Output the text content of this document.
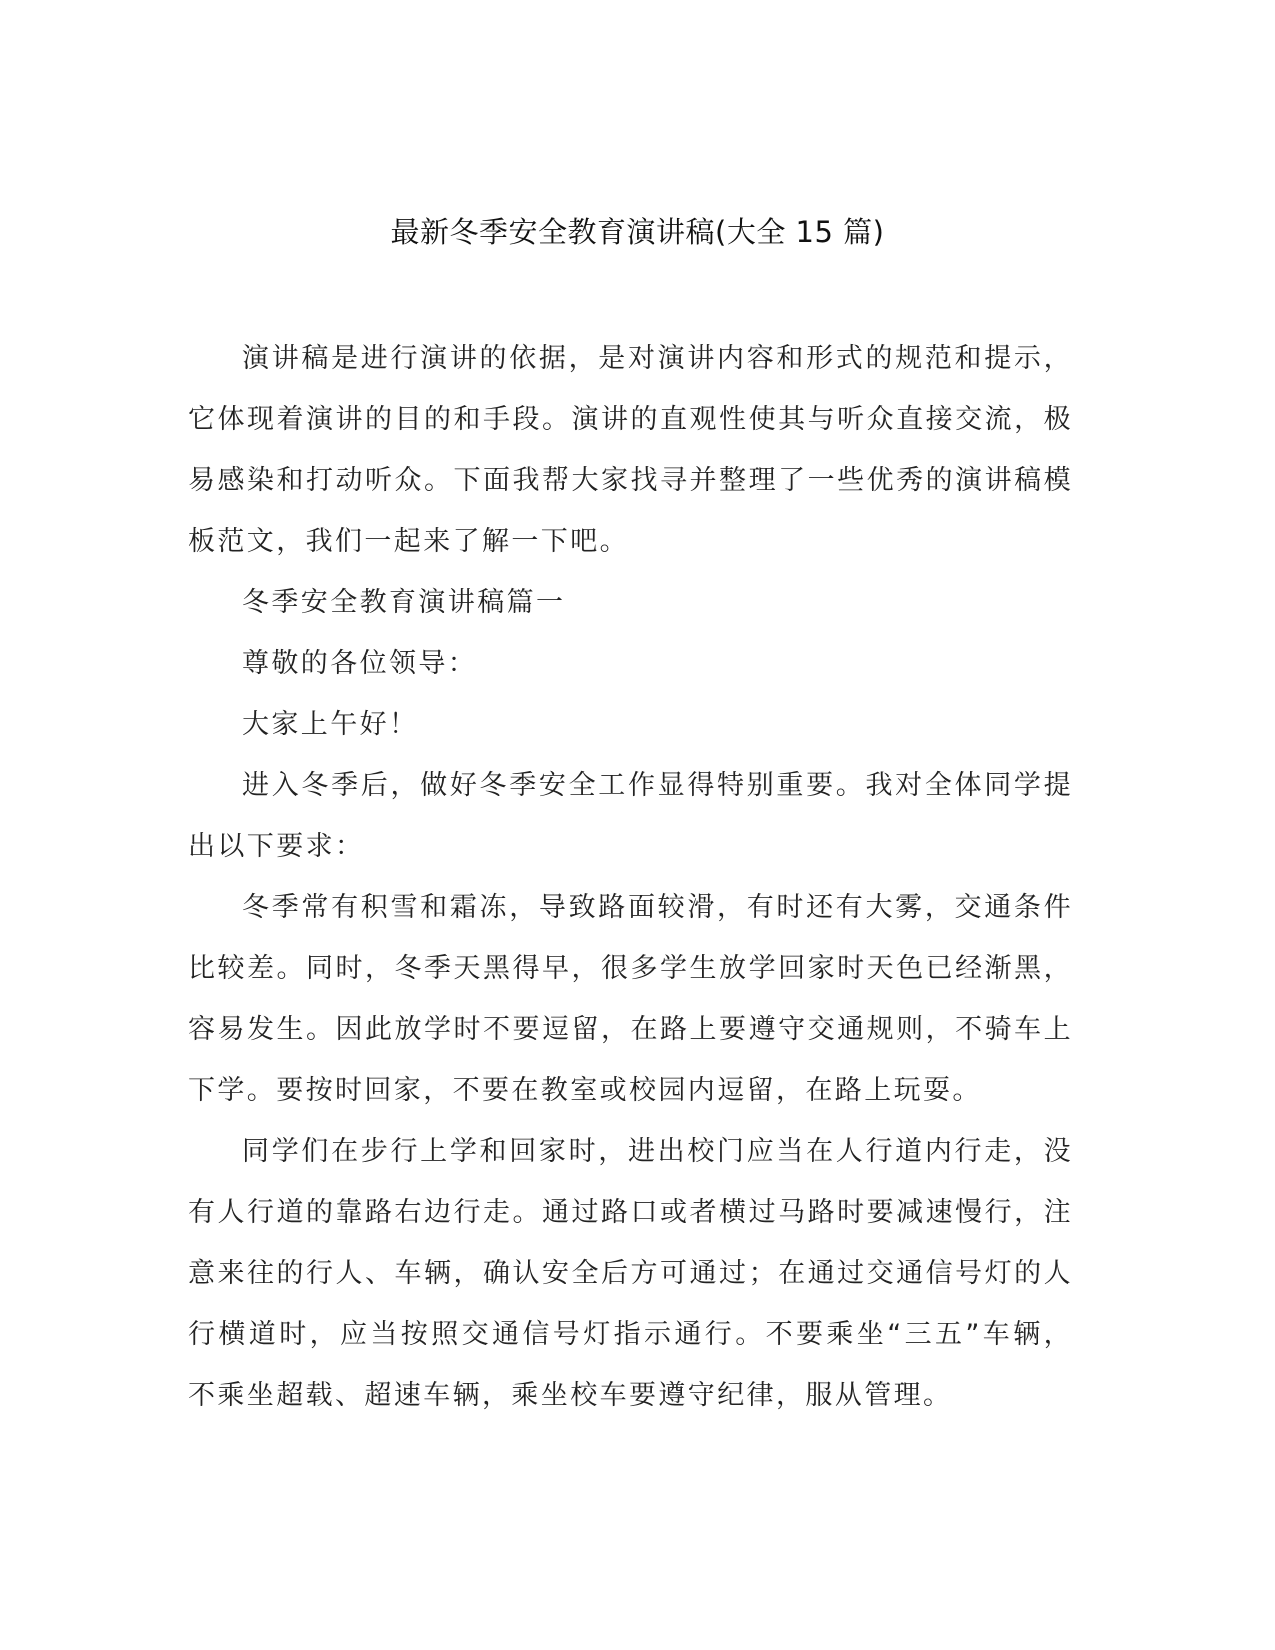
最新冬季安全教育演讲稿(大全 15 篇)

演讲稿是进行演讲的依据，是对演讲内容和形式的规范和提示，它体现着演讲的目的和手段。演讲的直观性使其与听众直接交流，极易感染和打动听众。下面我帮大家找寻并整理了一些优秀的演讲稿模板范文，我们一起来了解一下吧。

冬季安全教育演讲稿篇一

尊敬的各位领导：

大家上午好！

进入冬季后，做好冬季安全工作显得特别重要。我对全体同学提出以下要求：

冬季常有积雪和霜冻，导致路面较滑，有时还有大雾，交通条件比较差。同时，冬季天黑得早，很多学生放学回家时天色已经渐黑，容易发生。因此放学时不要逗留，在路上要遵守交通规则，不骑车上下学。要按时回家，不要在教室或校园内逗留，在路上玩耍。

同学们在步行上学和回家时，进出校门应当在人行道内行走，没有人行道的靠路右边行走。通过路口或者横过马路时要减速慢行，注意来往的行人、车辆，确认安全后方可通过；在通过交通信号灯的人行横道时，应当按照交通信号灯指示通行。不要乘坐“三五”车辆，不乘坐超载、超速车辆，乘坐校车要遵守纪律，服从管理。
